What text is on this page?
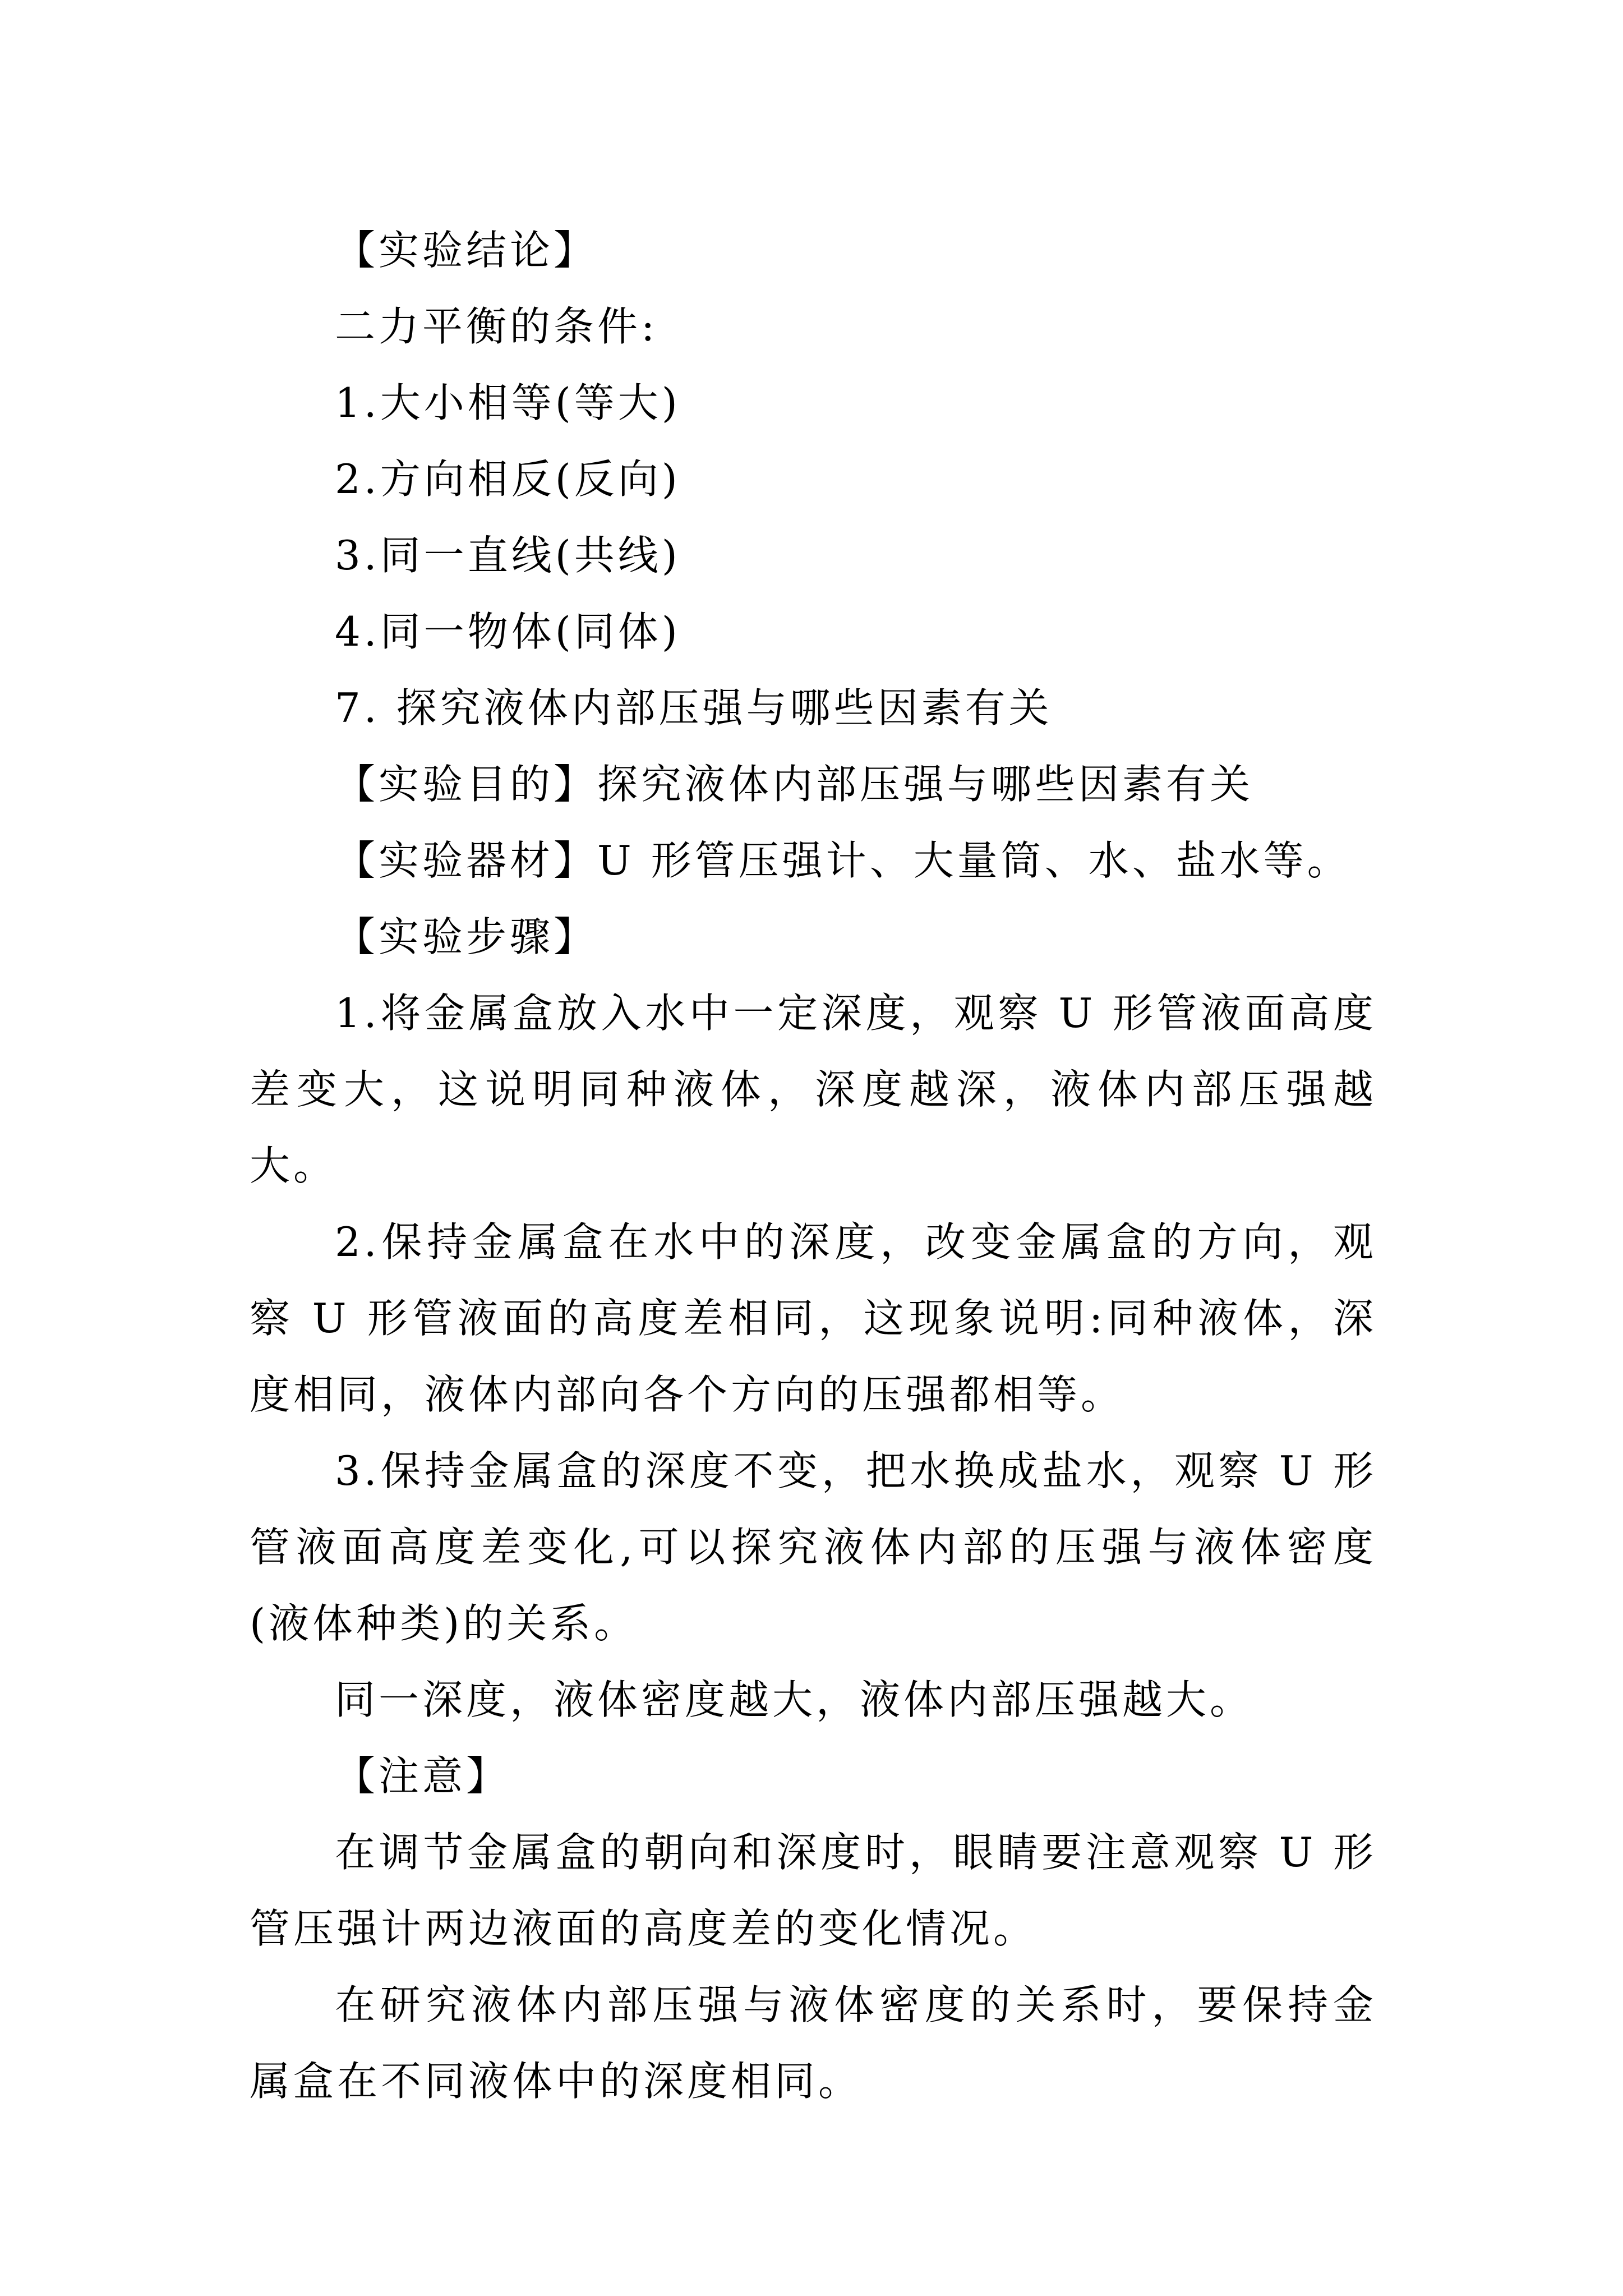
【实验结论】

二力平衡的条件:

1.大小相等(等大)

2.方向相反(反向)

3.同一直线(共线)

4.同一物体(同体)

7. 探究液体内部压强与哪些因素有关

【实验目的】探究液体内部压强与哪些因素有关

【实验器材】U 形管压强计、大量筒、水、盐水等。

【实验步骤】

1.将金属盒放入水中一定深度，观察 U 形管液面高度差变大，这说明同种液体，深度越深，液体内部压强越大。

2.保持金属盒在水中的深度，改变金属盒的方向，观察 U 形管液面的高度差相同，这现象说明:同种液体，深度相同，液体内部向各个方向的压强都相等。

3.保持金属盒的深度不变，把水换成盐水，观察 U 形管液面高度差变化,可以探究液体内部的压强与液体密度(液体种类)的关系。

同一深度，液体密度越大，液体内部压强越大。

【注意】

在调节金属盒的朝向和深度时，眼睛要注意观察 U 形管压强计两边液面的高度差的变化情况。

在研究液体内部压强与液体密度的关系时，要保持金属盒在不同液体中的深度相同。
